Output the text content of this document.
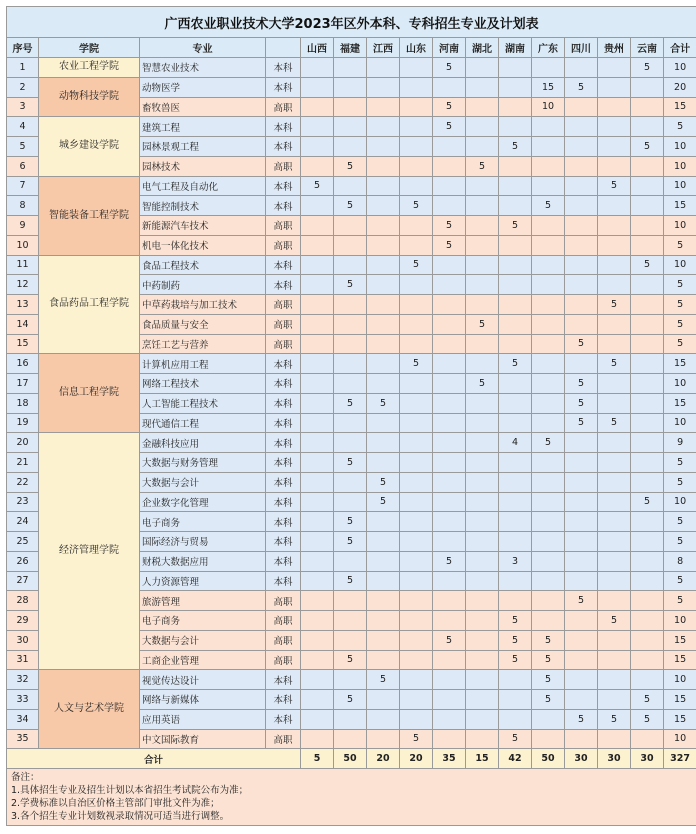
广西农业职业技术大学2023年区外本科、专科招生专业及计划表															
序号	学院	专业		山西	福建	江西	山东	河南	湖北	湖南	广东	四川	贵州	云南	合计
1	农业工程学院	智慧农业技术	本科					5						5	10
2	动物科技学院	动物医学	本科								15	5			20
3		畜牧兽医	高职					5			10				15
4	城乡建设学院	建筑工程	本科					5							5
5		园林景观工程	本科							5				5	10
6		园林技术	高职		5				5						10
7	智能装备工程学院	电气工程及自动化	本科	5									5		10
8		智能控制技术	本科		5		5				5				15
9		新能源汽车技术	高职					5		5					10
10		机电一体化技术	高职					5							5
11	食品药品工程学院	食品工程技术	本科				5							5	10
12		中药制药	本科		5										5
13		中草药栽培与加工技术	高职										5		5
14		食品质量与安全	高职						5						5
15		烹饪工艺与营养	高职									5			5
16	信息工程学院	计算机应用工程	本科				5			5			5		15
17		网络工程技术	本科						5			5			10
18		人工智能工程技术	本科		5	5						5			15
19		现代通信工程	本科									5	5		10
20	经济管理学院	金融科技应用	本科							4	5				9
21		大数据与财务管理	本科		5										5
22		大数据与会计	本科			5									5
23		企业数字化管理	本科			5								5	10
24		电子商务	本科		5										5
25		国际经济与贸易	本科		5										5
26		财税大数据应用	本科					5		3					8
27		人力资源管理	本科		5										5
28		旅游管理	高职									5			5
29		电子商务	高职							5			5		10
30		大数据与会计	高职					5		5	5				15
31		工商企业管理	高职		5					5	5				15
32	人文与艺术学院	视觉传达设计	本科			5					5				10
33		网络与新媒体	本科		5						5			5	15
34		应用英语	本科									5	5	5	15
35		中文国际教育	高职				5			5					10
合计				5	50	20	20	35	15	42	50	30	30	30	327

备注：
1.具体招生专业及招生计划以本省招生考试院公布为准；
2.学费标准以自治区价格主管部门审批文件为准；
3.各个招生专业计划数视录取情况可适当进行调整。															
